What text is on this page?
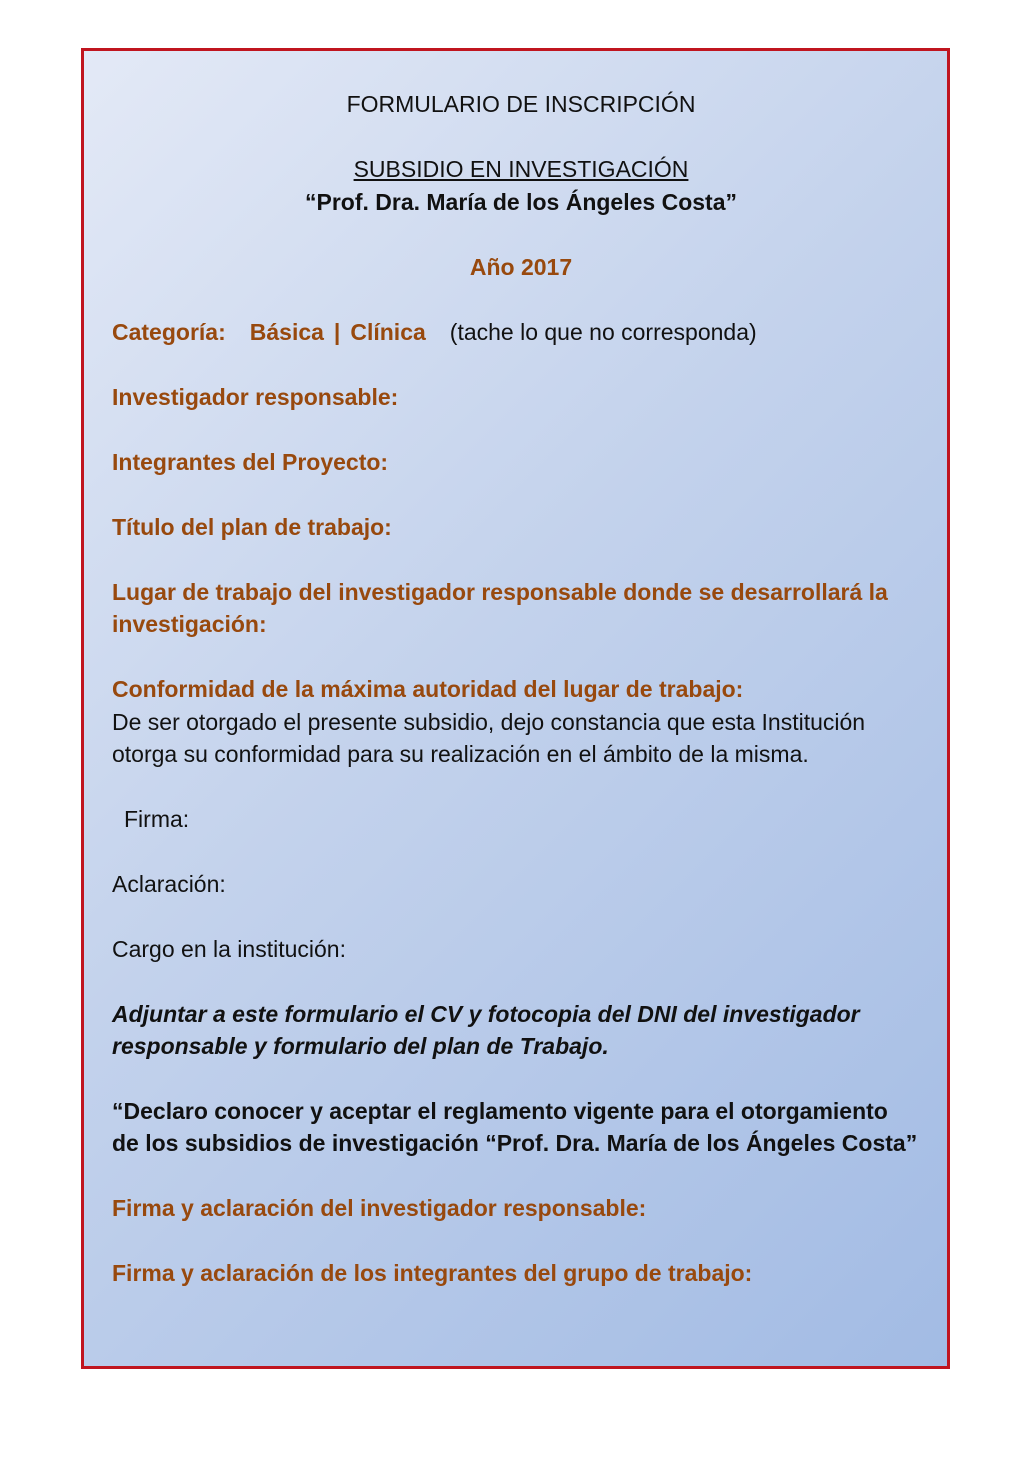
FORMULARIO DE INSCRIPCIÓN
SUBSIDIO EN INVESTIGACIÓN
“Prof. Dra. María de los Ángeles Costa”
Año 2017
Categoría: Básica | Clínica (tache lo que no corresponda)
Investigador responsable:
Integrantes del Proyecto:
Título del plan de trabajo:
Lugar de trabajo del investigador responsable donde se desarrollará la
investigación:
Conformidad de la máxima autoridad del lugar de trabajo:
De ser otorgado el presente subsidio, dejo constancia que esta Institución
otorga su conformidad para su realización en el ámbito de la misma.
Firma:
Aclaración:
Cargo en la institución:
Adjuntar a este formulario el CV y fotocopia del DNI del investigador
responsable y formulario del plan de Trabajo.
“Declaro conocer y aceptar el reglamento vigente para el otorgamiento
de los subsidios de investigación “Prof. Dra. María de los Ángeles Costa”
Firma y aclaración del investigador responsable:
Firma y aclaración de los integrantes del grupo de trabajo:
